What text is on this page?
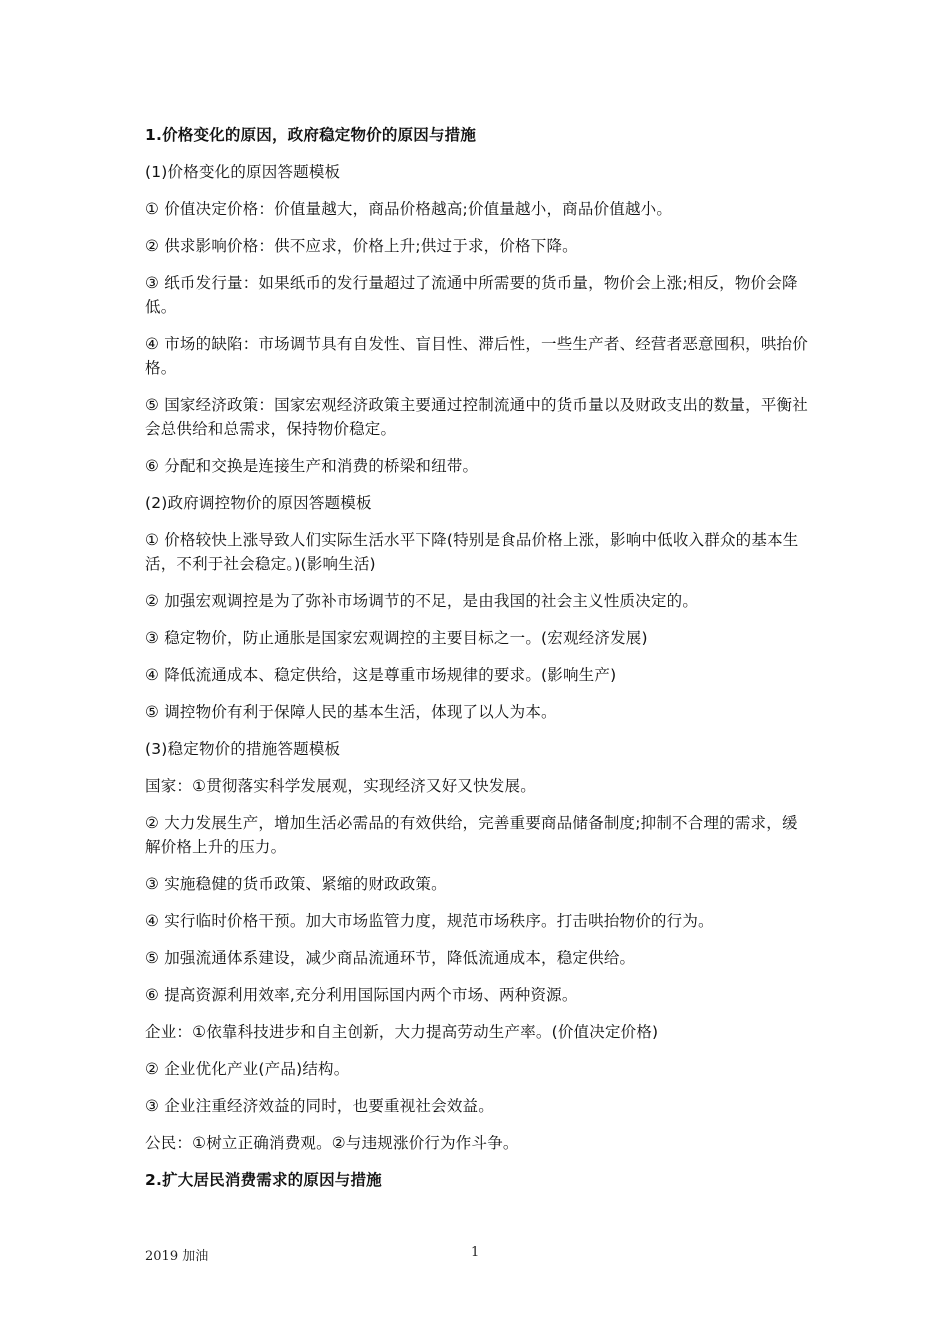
1.价格变化的原因，政府稳定物价的原因与措施

(1)价格变化的原因答题模板

① 价值决定价格：价值量越大，商品价格越高;价值量越小，商品价值越小。

② 供求影响价格：供不应求，价格上升;供过于求，价格下降。

③ 纸币发行量：如果纸币的发行量超过了流通中所需要的货币量，物价会上涨;相反，物价会降低。

④ 市场的缺陷：市场调节具有自发性、盲目性、滞后性，一些生产者、经营者恶意囤积，哄抬价格。

⑤ 国家经济政策：国家宏观经济政策主要通过控制流通中的货币量以及财政支出的数量，平衡社会总供给和总需求，保持物价稳定。

⑥ 分配和交换是连接生产和消费的桥梁和纽带。

(2)政府调控物价的原因答题模板

① 价格较快上涨导致人们实际生活水平下降(特别是食品价格上涨，影响中低收入群众的基本生活，不利于社会稳定。)(影响生活)

② 加强宏观调控是为了弥补市场调节的不足，是由我国的社会主义性质决定的。

③ 稳定物价，防止通胀是国家宏观调控的主要目标之一。(宏观经济发展)

④ 降低流通成本、稳定供给，这是尊重市场规律的要求。(影响生产)

⑤ 调控物价有利于保障人民的基本生活，体现了以人为本。

(3)稳定物价的措施答题模板

国家：①贯彻落实科学发展观，实现经济又好又快发展。

② 大力发展生产，增加生活必需品的有效供给，完善重要商品储备制度;抑制不合理的需求，缓解价格上升的压力。

③ 实施稳健的货币政策、紧缩的财政政策。

④ 实行临时价格干预。加大市场监管力度，规范市场秩序。打击哄抬物价的行为。

⑤ 加强流通体系建设，减少商品流通环节，降低流通成本，稳定供给。

⑥ 提高资源利用效率,充分利用国际国内两个市场、两种资源。

企业：①依靠科技进步和自主创新，大力提高劳动生产率。(价值决定价格)

② 企业优化产业(产品)结构。

③ 企业注重经济效益的同时，也要重视社会效益。

公民：①树立正确消费观。②与违规涨价行为作斗争。

2.扩大居民消费需求的原因与措施

2019 加油	1
